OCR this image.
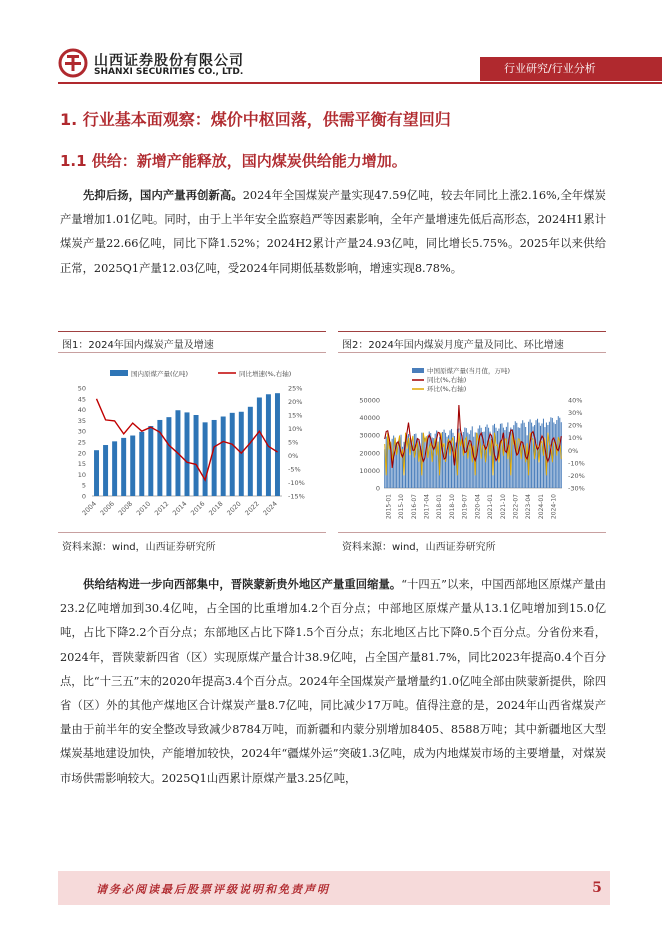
山西证券股份有限公司
SHANXI SECURITIES CO., LTD.	行业研究/行业分析
1. 行业基本面观察：煤价中枢回落，供需平衡有望回归
1.1 供给：新增产能释放，国内煤炭供给能力增加。

先抑后扬，国内产量再创新高。2024年全国煤炭产量实现47.59亿吨，较去年同比上涨2.16%,全年煤炭产量增加1.01亿吨。同时，由于上半年安全监察趋严等因素影响，全年产量增速先低后高形态，2024H1累计煤炭产量22.66亿吨，同比下降1.52%；2024H2累计产量24.93亿吨，同比增长5.75%。2025年以来供给正常，2025Q1产量12.03亿吨，受2024年同期低基数影响，增速实现8.78%。

图1：2024年国内煤炭产量及增速
国内原煤产量(亿吨)	同比增速(%,右轴)
0
5
10
15
20
25
30
35
40
45
50	25%
20%
15%
10%
5%
0%
-5%
-10%
-15%
2004 2006 2008 2010 2012 2014 2016 2018 2020 2022 2024
资料来源：wind，山西证券研究所
图2：2024年国内煤炭月度产量及同比、环比增速
中国原煤产量(当月值，万吨)
同比(%,右轴)
环比(%,右轴)
0
10000
20000
30000
40000
50000	40%
30%
20%
10%
0%
-10%
-20%
-30%
2015-01 2015-10 2016-07 2017-04 2018-01 2018-10 2019-07 2020-04 2021-01 2021-10 2022-07 2023-04 2024-01 2024-10
资料来源：wind，山西证券研究所

供给结构进一步向西部集中，晋陕蒙新贵外地区产量重回缩量。“十四五”以来，中国西部地区原煤产量由23.2亿吨增加到30.4亿吨，占全国的比重增加4.2个百分点；中部地区原煤产量从13.1亿吨增加到15.0亿吨，占比下降2.2个百分点；东部地区占比下降1.5个百分点；东北地区占比下降0.5个百分点。分省份来看，2024年，晋陕蒙新四省（区）实现原煤产量合计38.9亿吨，占全国产量81.7%，同比2023年提高0.4个百分点，比“十三五”末的2020年提高3.4个百分点。2024年全国煤炭产量增量约1.0亿吨全部由陕蒙新提供，除四省（区）外的其他产煤地区合计煤炭产量8.7亿吨，同比减少17万吨。值得注意的是，2024年山西省煤炭产量由于前半年的安全整改导致减少8784万吨，而新疆和内蒙分别增加8405、8588万吨；其中新疆地区大型煤炭基地建设加快，产能增加较快，2024年“疆煤外运”突破1.3亿吨，成为内地煤炭市场的主要增量，对煤炭市场供需影响较大。2025Q1山西累计原煤产量3.25亿吨，

请务必阅读最后股票评级说明和免责声明	5
